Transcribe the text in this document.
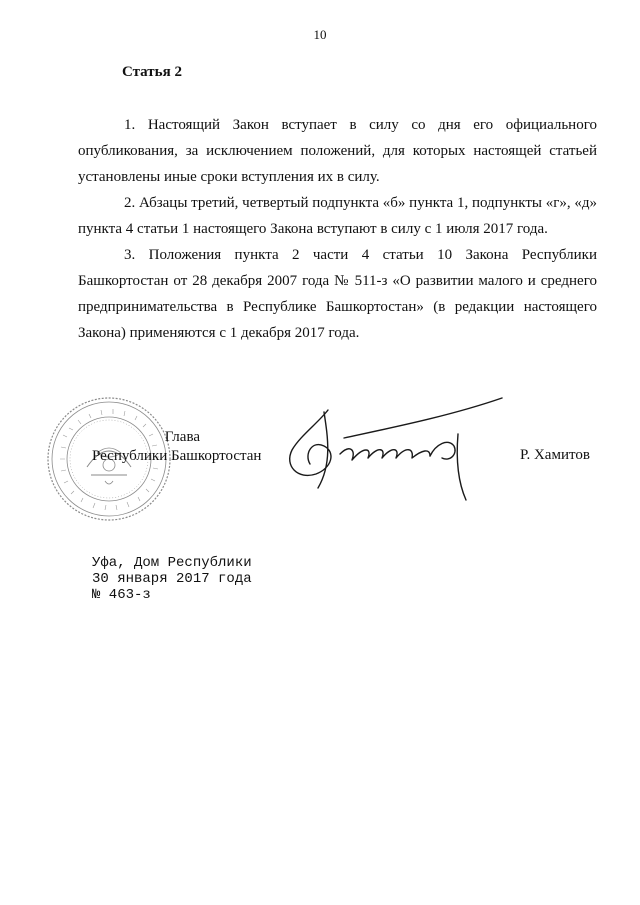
10
Статья 2

1. Настоящий Закон вступает в силу со дня его официального опубликования, за исключением положений, для которых настоящей статьей установлены иные сроки вступления их в силу.

2. Абзацы третий, четвертый подпункта «б» пункта 1, подпункты «г», «д» пункта 4 статьи 1 настоящего Закона вступают в силу с 1 июля 2017 года.

3. Положения пункта 2 части 4 статьи 10 Закона Республики Башкортостан от 28 декабря 2007 года № 511-з «О развитии малого и среднего предпринимательства в Республике Башкортостан» (в редакции настоящего Закона) применяются с 1 декабря 2017 года.

Глава
Республики Башкортостан	Р. Хамитов
Уфа, Дом Республики
30 января 2017 года
№ 463-з
